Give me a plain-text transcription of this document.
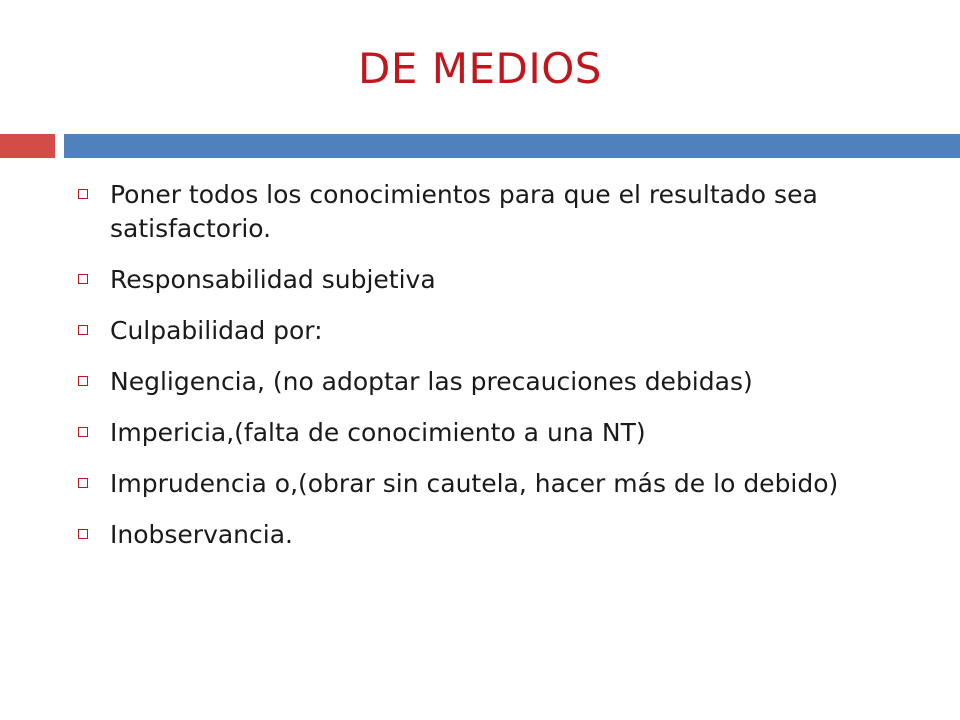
DE MEDIOS
Poner todos los conocimientos para que el resultado sea satisfactorio.
Responsabilidad subjetiva
Culpabilidad por:
Negligencia, (no adoptar las precauciones debidas)
Impericia,(falta de conocimiento a una NT)
Imprudencia o,(obrar sin cautela, hacer más de lo debido)
Inobservancia.
